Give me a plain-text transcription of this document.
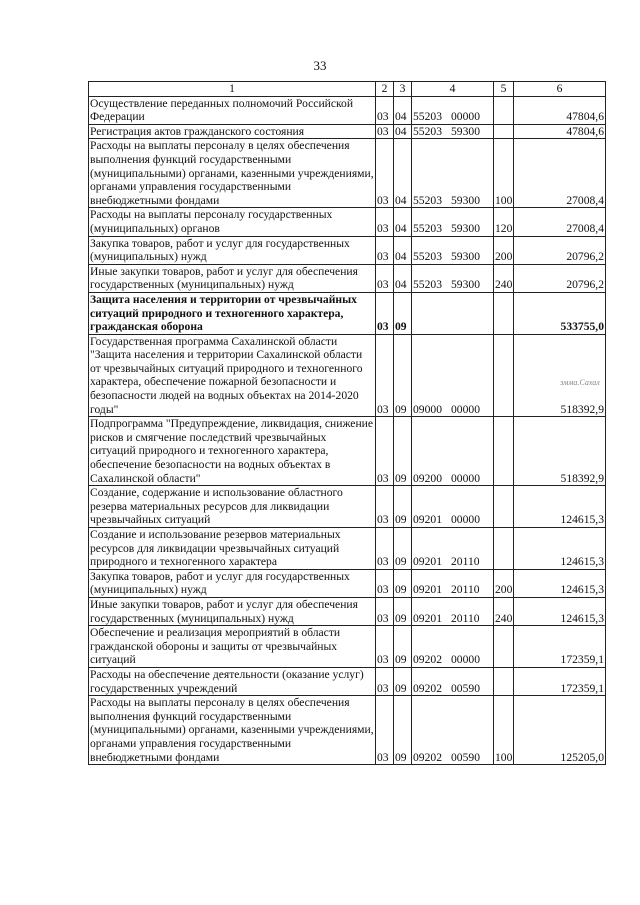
33
1	2	3	4	5	6
Осуществление переданных полномочий Российской Федерации	03	04	55203 00000		47804,6
Регистрация актов гражданского состояния	03	04	55203 59300		47804,6
Расходы на выплаты персоналу в целях обеспечения выполнения функций государственными (муниципальными) органами, казенными учреждениями, органами управления государственными внебюджетными фондами	03	04	55203 59300	100	27008,4
Расходы на выплаты персоналу государственных (муниципальных) органов	03	04	55203 59300	120	27008,4
Закупка товаров, работ и услуг для государственных (муниципальных) нужд	03	04	55203 59300	200	20796,2
Иные закупки товаров, работ и услуг для обеспечения государственных (муниципальных) нужд	03	04	55203 59300	240	20796,2
Защита населения и территории от чрезвычайных ситуаций природного и техногенного характера, гражданская оборона	03	09			533755,0
Государственная программа Сахалинской области "Защита населения и территории Сахалинской области от чрезвычайных ситуаций природного и техногенного характера, обеспечение пожарной безопасности и безопасности людей на водных объектах на 2014-2020 годы"	03	09	09000 00000		518392,9
Подпрограмма "Предупреждение, ликвидация, снижение рисков и смягчение последствий чрезвычайных ситуаций природного и техногенного характера, обеспечение безопасности на водных объектах в Сахалинской области"	03	09	09200 00000		518392,9
Создание, содержание и использование областного резерва материальных ресурсов для ликвидации чрезвычайных ситуаций	03	09	09201 00000		124615,3
Создание и использование резервов материальных ресурсов для ликвидации чрезвычайных ситуаций природного и техногенного характера	03	09	09201 20110		124615,3
Закупка товаров, работ и услуг для государственных (муниципальных) нужд	03	09	09201 20110	200	124615,3
Иные закупки товаров, работ и услуг для обеспечения государственных (муниципальных) нужд	03	09	09201 20110	240	124615,3
Обеспечение и реализация мероприятий в области гражданской обороны и защиты от чрезвычайных ситуаций	03	09	09202 00000		172359,1
Расходы на обеспечение деятельности (оказание услуг) государственных учреждений	03	09	09202 00590		172359,1
Расходы на выплаты персоналу в целях обеспечения выполнения функций государственными (муниципальными) органами, казенными учреждениями, органами управления государственными внебюджетными фондами	03	09	09202 00590	100	125205,0
эмма.Сахал
